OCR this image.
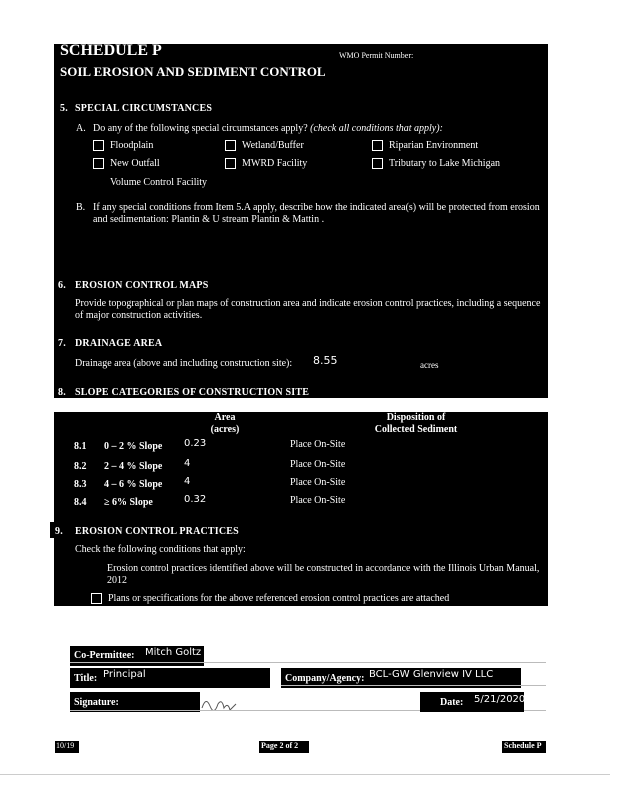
SCHEDULE P	WMO Permit Number:
SOIL EROSION AND SEDIMENT CONTROL
5. SPECIAL CIRCUMSTANCES
A. Do any of the following special circumstances apply? (check all conditions that apply):
Floodplain	Wetland/Buffer	Riparian Environment
New Outfall	MWRD Facility	Tributary to Lake Michigan
Volume Control Facility
B. If any special conditions from Item 5.A apply, describe how the indicated area(s) will be protected from erosion and sedimentation: Plantin & U stream Plantin & Mattin .
6. EROSION CONTROL MAPS
Provide topographical or plan maps of construction area and indicate erosion control practices, including a sequence of major construction activities.
7. DRAINAGE AREA
Drainage area (above and including construction site): 8.55	acres
8. SLOPE CATEGORIES OF CONSTRUCTION SITE
Area
(acres)
Disposition of
Collected Sediment
8.1 0 – 2 % Slope 0.23	Place On-Site
8.2 2 – 4 % Slope 4	Place On-Site
8.3 4 – 6 % Slope 4	Place On-Site
8.4 ≥ 6% Slope	0.32	Place On-Site
9. EROSION CONTROL PRACTICES
Check the following conditions that apply:
Erosion control practices identified above will be constructed in accordance with the Illinois Urban Manual, 2012
Plans or specifications for the above referenced erosion control practices are attached
Co-Permittee: Mitch Goltz
Title: Principal	Company/Agency: BCL-GW Glenview IV LLC
Signature:	Date: 5/21/2020
10/19	Page 2 of 2	Schedule P
